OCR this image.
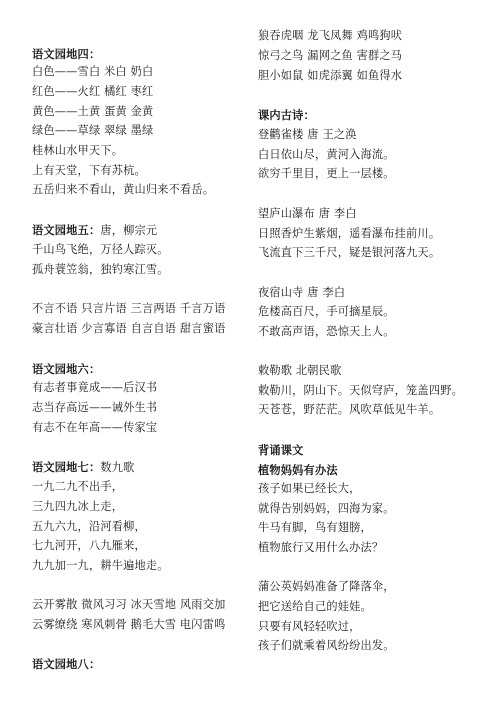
语文园地四：
白色——雪白 米白 奶白
红色——火红 橘红 枣红
黄色——土黄 蛋黄 金黄
绿色——草绿 翠绿 墨绿
桂林山水甲天下。
上有天堂，下有苏杭。
五岳归来不看山，黄山归来不看岳。
语文园地五：唐，柳宗元
千山鸟飞绝，万径人踪灭。
孤舟蓑笠翁，独钓寒江雪。
不言不语 只言片语 三言两语 千言万语
豪言壮语 少言寡语 自言自语 甜言蜜语
语文园地六：
有志者事竟成——后汉书
志当存高远——诫外生书
有志不在年高——传家宝
语文园地七：数九歌
一九二九不出手，
三九四九冰上走，
五九六九，沿河看柳，
七九河开，八九雁来，
九九加一九，耕牛遍地走。
云开雾散 微风习习 冰天雪地 风雨交加
云雾缭绕 寒风刺骨 鹅毛大雪 电闪雷鸣
语文园地八：
狼吞虎咽 龙飞凤舞 鸡鸣狗吠
惊弓之鸟 漏网之鱼 害群之马
胆小如鼠 如虎添翼 如鱼得水
课内古诗：
登鹳雀楼 唐 王之涣
白日依山尽，黄河入海流。
欲穷千里目，更上一层楼。
望庐山瀑布 唐 李白
日照香炉生紫烟，遥看瀑布挂前川。
飞流直下三千尺，疑是银河落九天。
夜宿山寺 唐 李白
危楼高百尺，手可摘星辰。
不敢高声语，恐惊天上人。
敕勒歌 北朝民歌
敕勒川，阴山下。天似穹庐，笼盖四野。
天苍苍，野茫茫。风吹草低见牛羊。
背诵课文
植物妈妈有办法
孩子如果已经长大，
就得告别妈妈，四海为家。
牛马有脚，鸟有翅膀，
植物旅行又用什么办法？
蒲公英妈妈准备了降落伞，
把它送给自己的娃娃。
只要有风轻轻吹过，
孩子们就乘着风纷纷出发。
